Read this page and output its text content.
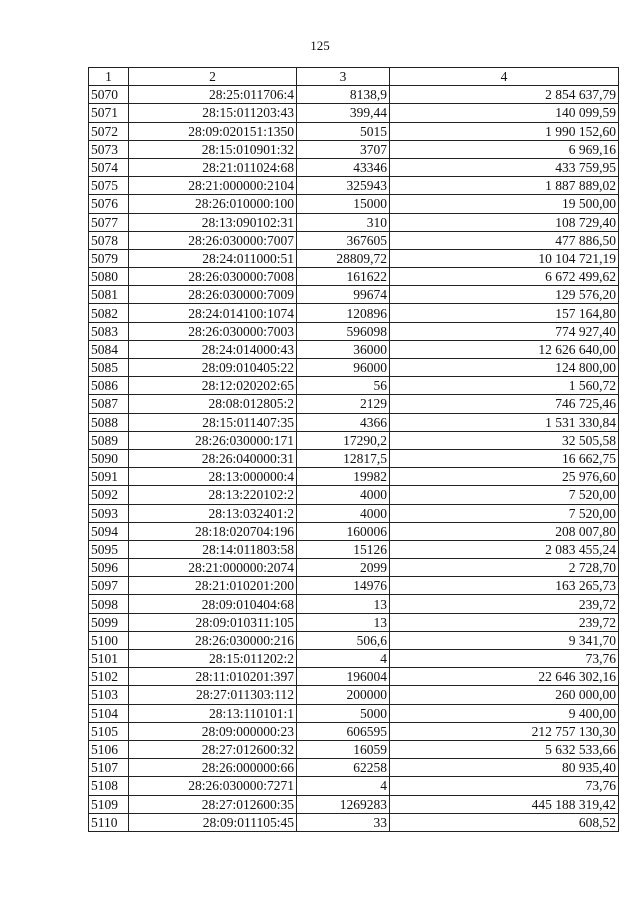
125
1	2	3	4
5070	28:25:011706:4	8138,9	2 854 637,79
5071	28:15:011203:43	399,44	140 099,59
5072	28:09:020151:1350	5015	1 990 152,60
5073	28:15:010901:32	3707	6 969,16
5074	28:21:011024:68	43346	433 759,95
5075	28:21:000000:2104	325943	1 887 889,02
5076	28:26:010000:100	15000	19 500,00
5077	28:13:090102:31	310	108 729,40
5078	28:26:030000:7007	367605	477 886,50
5079	28:24:011000:51	28809,72	10 104 721,19
5080	28:26:030000:7008	161622	6 672 499,62
5081	28:26:030000:7009	99674	129 576,20
5082	28:24:014100:1074	120896	157 164,80
5083	28:26:030000:7003	596098	774 927,40
5084	28:24:014000:43	36000	12 626 640,00
5085	28:09:010405:22	96000	124 800,00
5086	28:12:020202:65	56	1 560,72
5087	28:08:012805:2	2129	746 725,46
5088	28:15:011407:35	4366	1 531 330,84
5089	28:26:030000:171	17290,2	32 505,58
5090	28:26:040000:31	12817,5	16 662,75
5091	28:13:000000:4	19982	25 976,60
5092	28:13:220102:2	4000	7 520,00
5093	28:13:032401:2	4000	7 520,00
5094	28:18:020704:196	160006	208 007,80
5095	28:14:011803:58	15126	2 083 455,24
5096	28:21:000000:2074	2099	2 728,70
5097	28:21:010201:200	14976	163 265,73
5098	28:09:010404:68	13	239,72
5099	28:09:010311:105	13	239,72
5100	28:26:030000:216	506,6	9 341,70
5101	28:15:011202:2	4	73,76
5102	28:11:010201:397	196004	22 646 302,16
5103	28:27:011303:112	200000	260 000,00
5104	28:13:110101:1	5000	9 400,00
5105	28:09:000000:23	606595	212 757 130,30
5106	28:27:012600:32	16059	5 632 533,66
5107	28:26:000000:66	62258	80 935,40
5108	28:26:030000:7271	4	73,76
5109	28:27:012600:35	1269283	445 188 319,42
5110	28:09:011105:45	33	608,52
